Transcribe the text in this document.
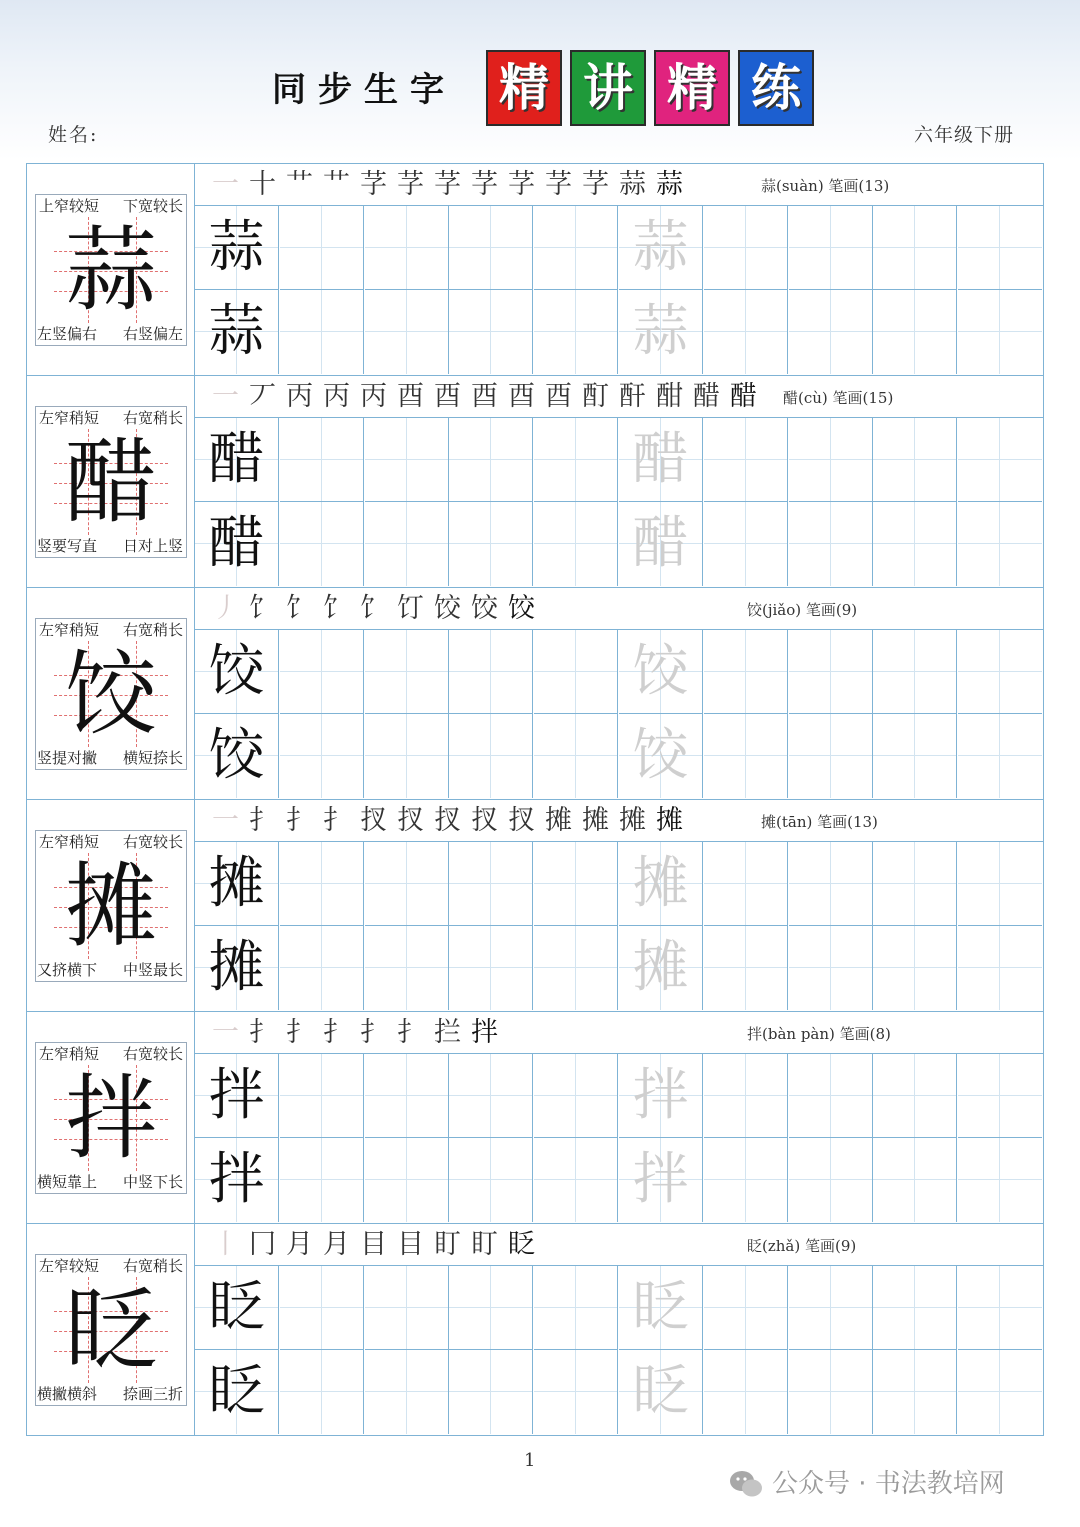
同步生字 精 讲 精 练
姓名:	六年级下册
上窄较短 下宽较长
左竖偏右 右竖偏左
蒜
一 十 艹 艹 芓 芓 芓 芓 芓 芓 芓 蒜 蒜	蒜(suàn) 笔画(13)
蒜	蒜
蒜	蒜
左窄稍短 右宽稍长
竖要写直 日对上竖
醋
一 丆 丙 丙 丙 酉 酉 酉 酉 酉 酊 酐 酣 醋 醋	醋(cù) 笔画(15)
醋	醋
醋	醋
左窄稍短 右宽稍长
竖提对撇 横短捺长
饺
丿 饣 饣 饣 饣 饤 饺 饺 饺	饺(jiǎo) 笔画(9)
饺	饺
饺	饺
左窄稍短 右宽较长
又挤横下 中竖最长
摊
一 扌 扌 扌 扠 扠 扠 扠 扠 摊 摊 摊 摊	摊(tān) 笔画(13)
摊	摊
摊	摊
左窄稍短 右宽较长
横短靠上 中竖下长
拌
一 扌 扌 扌 扌 扌 拦 拌	拌(bàn pàn) 笔画(8)
拌	拌
拌	拌
左窄较短 右宽稍长
横撇横斜 捺画三折
眨
丨 冂 月 月 目 目 盯 盯 眨	眨(zhǎ) 笔画(9)
眨	眨
眨	眨
1
公众号 · 书法教培网
